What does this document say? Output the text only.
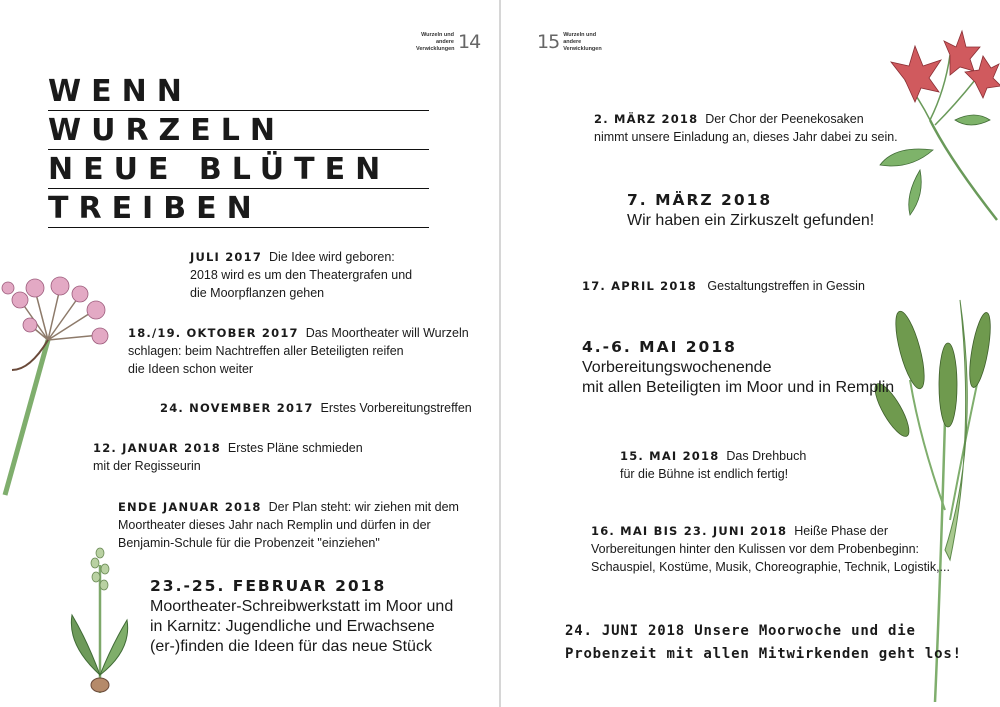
Wurzeln und
andere
Verwicklungen 14
WENN
WURZELN
NEUE BLÜTEN
TREIBEN
JULI 2017 Die Idee wird geboren:
2018 wird es um den Theatergrafen und
die Moorpflanzen gehen
18./19. OKTOBER 2017 Das Moortheater will Wurzeln
schlagen: beim Nachtreffen aller Beteiligten reifen
die Ideen schon weiter
24. NOVEMBER 2017 Erstes Vorbereitungstreffen
12. JANUAR 2018 Erstes Pläne schmieden
mit der Regisseurin
ENDE JANUAR 2018 Der Plan steht: wir ziehen mit dem
Moortheater dieses Jahr nach Remplin und dürfen in der
Benjamin-Schule für die Probenzeit "einziehen"
23.-25. FEBRUAR 2018
Moortheater-Schreibwerkstatt im Moor und
in Karnitz: Jugendliche und Erwachsene
(er-)finden die Ideen für das neue Stück
15 Wurzeln und
andere
Verwicklungen
2. MÄRZ 2018 Der Chor der Peenekosaken
nimmt unsere Einladung an, dieses Jahr dabei zu sein.
7. MÄRZ 2018
Wir haben ein Zirkuszelt gefunden!
17. APRIL 2018 Gestaltungstreffen in Gessin
4.-6. MAI 2018
Vorbereitungswochenende
mit allen Beteiligten im Moor und in Remplin
15. MAI 2018 Das Drehbuch
für die Bühne ist endlich fertig!
16. MAI BIS 23. JUNI 2018 Heiße Phase der
Vorbereitungen hinter den Kulissen vor dem Probenbeginn:
Schauspiel, Kostüme, Musik, Choreographie, Technik, Logistik,...
24. JUNI 2018 Unsere Moorwoche und die
Probenzeit mit allen Mitwirkenden geht los!
